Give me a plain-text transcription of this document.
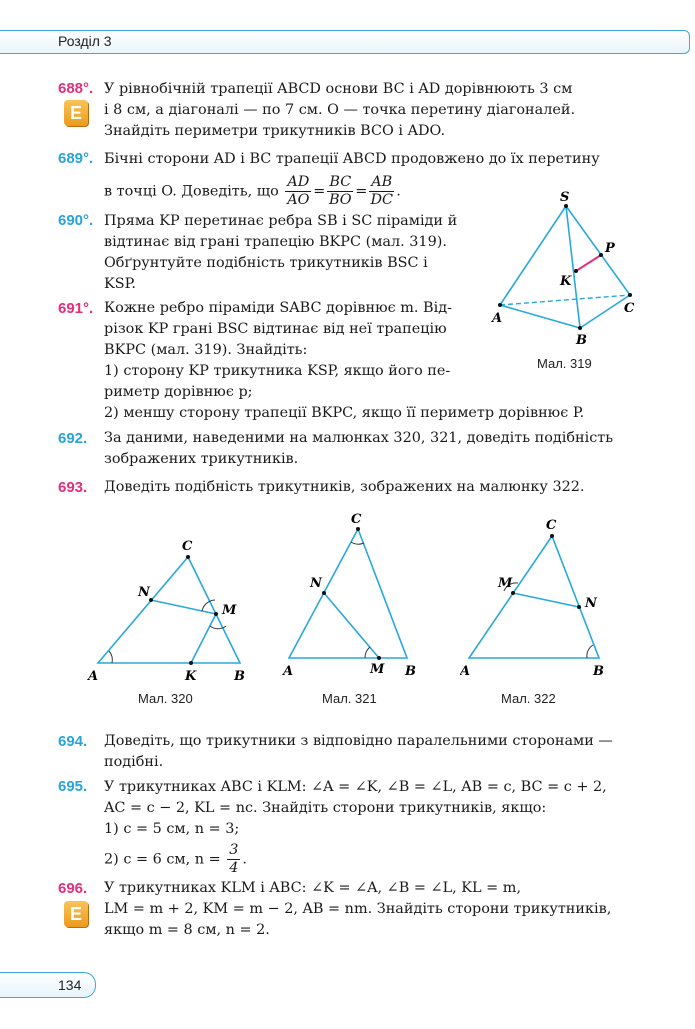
Розділ 3
688°.
E
У рівнобічній трапеції ABCD основи BC і AD дорівнюють 3 см
і 8 см, а діагоналі — по 7 см. O — точка перетину діагоналей.
Знайдіть периметри трикутників BCO і ADO.
689°. Бічні сторони AD і BC трапеції ABCD продовжено до їх перетину
в точці O. Доведіть, що $\frac{AD}{AO} = \frac{BC}{BO} = \frac{AB}{DC}$ .
690°. Пряма KP перетинає ребра SB і SC піраміди й
відтинає від грані трапецію BKPC (мал. 319).
Обґрунтуйте подібність трикутників BSC і
KSP.
691°. Кожне ребро піраміди SABC дорівнює m. Від-
різок KP грані BSC відтинає від неї трапецію
BKPC (мал. 319). Знайдіть:
1) сторону KP трикутника KSP, якщо його пе-
риметр дорівнює p;
2) меншу сторону трапеції BKPC, якщо її периметр дорівнює P.
S
P
K
C
A
B
Мал. 319
692. За даними, наведеними на малюнках 320, 321, доведіть подібність
зображених трикутників.
693. Доведіть подібність трикутників, зображених на малюнку 322.
C
N
M
A	K	B
Мал. 320
C
N
A	M B
Мал. 321
C
M
N
A	B
Мал. 322
694. Доведіть, що трикутники з відповідно паралельними сторонами —
подібні.
695. У трикутниках ABC і KLM: ∠A = ∠K, ∠B = ∠L, AB = c, BC = c + 2,
AC = c − 2, KL = nc. Знайдіть сторони трикутників, якщо:
1) c = 5 см, n = 3;
2) c = 6 см, $n = \frac{3}{4}$ .
696.
E
У трикутниках KLM і ABC: ∠K = ∠A, ∠B = ∠L, KL = m,
LM = m + 2, KM = m − 2, AB = nm. Знайдіть сторони трикутників,
якщо m = 8 см, n = 2.
134
